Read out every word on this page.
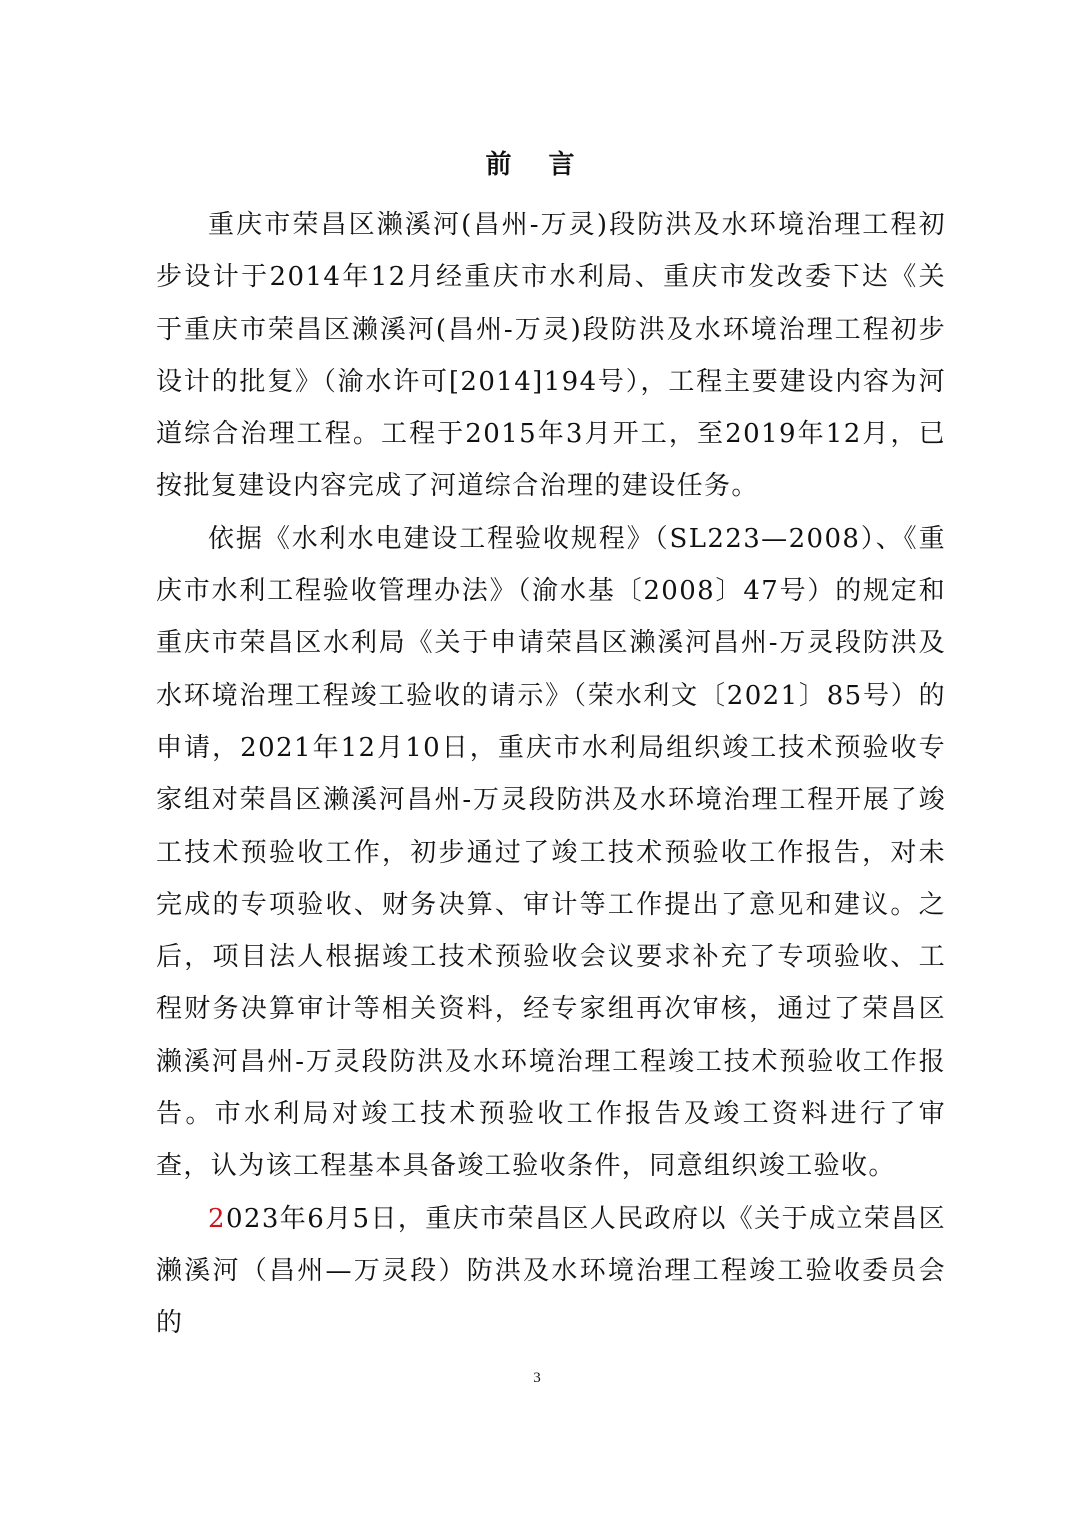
前 言

重庆市荣昌区濑溪河(昌州-万灵)段防洪及水环境治理工程初步设计于2014年12月经重庆市水利局、重庆市发改委下达《关于重庆市荣昌区濑溪河(昌州-万灵)段防洪及水环境治理工程初步设计的批复》（渝水许可[2014]194号），工程主要建设内容为河道综合治理工程。工程于2015年3月开工，至2019年12月，已按批复建设内容完成了河道综合治理的建设任务。

依据《水利水电建设工程验收规程》（SL223—2008）、《重庆市水利工程验收管理办法》（渝水基〔2008〕47号）的规定和重庆市荣昌区水利局《关于申请荣昌区濑溪河昌州-万灵段防洪及水环境治理工程竣工验收的请示》（荣水利文〔2021〕85号）的申请，2021年12月10日，重庆市水利局组织竣工技术预验收专家组对荣昌区濑溪河昌州-万灵段防洪及水环境治理工程开展了竣工技术预验收工作，初步通过了竣工技术预验收工作报告，对未完成的专项验收、财务决算、审计等工作提出了意见和建议。之后，项目法人根据竣工技术预验收会议要求补充了专项验收、工程财务决算审计等相关资料，经专家组再次审核，通过了荣昌区濑溪河昌州-万灵段防洪及水环境治理工程竣工技术预验收工作报告。市水利局对竣工技术预验收工作报告及竣工资料进行了审查，认为该工程基本具备竣工验收条件，同意组织竣工验收。

2023年6月5日，重庆市荣昌区人民政府以《关于成立荣昌区濑溪河（昌州—万灵段）防洪及水环境治理工程竣工验收委员会的

3
